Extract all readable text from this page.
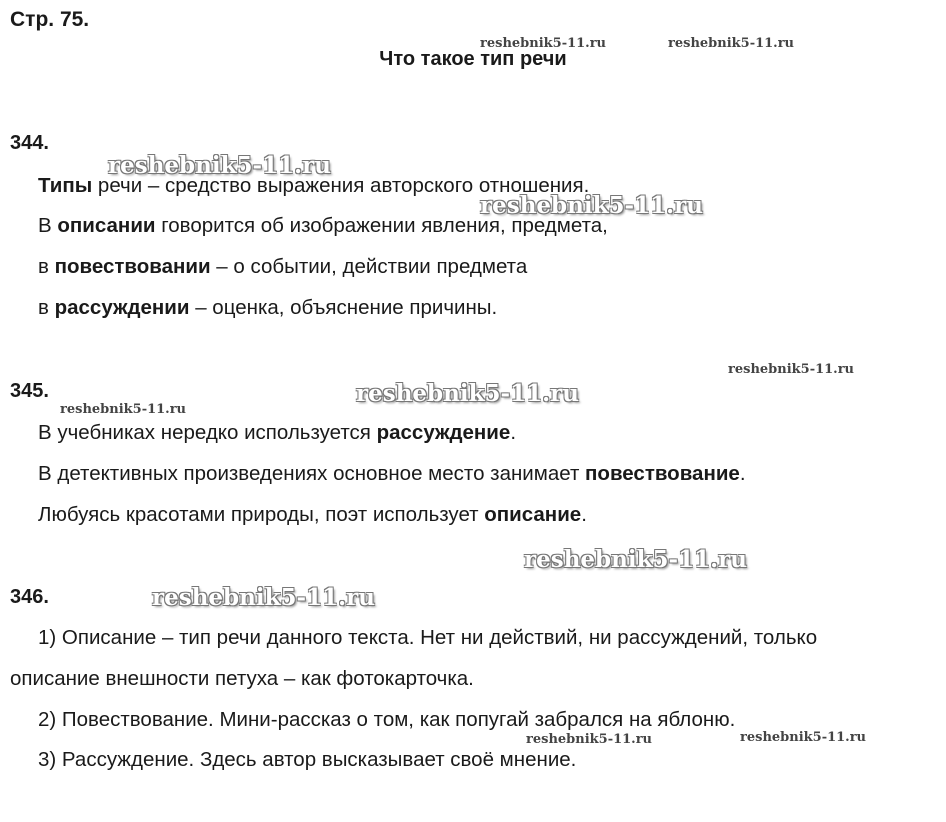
Стр. 75.
Что такое тип речи
reshebnik5-11.ru	reshebnik5-11.ru
reshebnik5-11.ru
reshebnik5-11.ru
reshebnik5-11.ru
reshebnik5-11.ru
reshebnik5-11.ru
reshebnik5-11.ru
reshebnik5-11.ru
reshebnik5-11.ru	reshebnik5-11.ru
344.
Типы речи – средство выражения авторского отношения.
В описании говорится об изображении явления, предмета,
в повествовании – о событии, действии предмета
в рассуждении – оценка, объяснение причины.
345.
В учебниках нередко используется рассуждение.
В детективных произведениях основное место занимает повествование.
Любуясь красотами природы, поэт использует описание.
346.
1) Описание – тип речи данного текста. Нет ни действий, ни рассуждений, только
описание внешности петуха – как фотокарточка.
2) Повествование. Мини-рассказ о том, как попугай забрался на яблоню.
3) Рассуждение. Здесь автор высказывает своё мнение.
